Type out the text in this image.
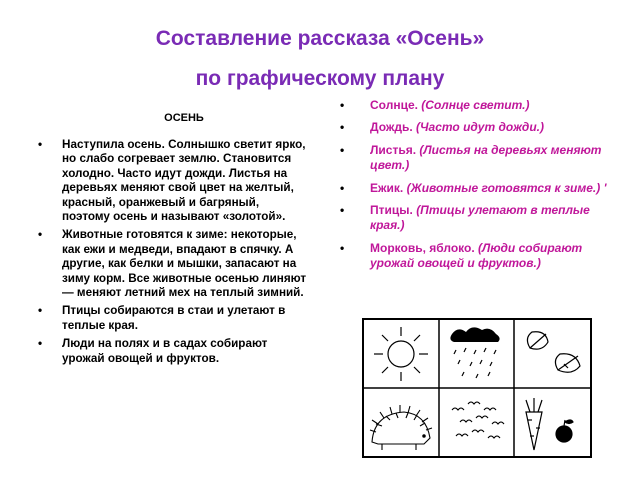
Составление рассказа «Осень»
по графическому плану
ОСЕНЬ
• Наступила осень. Солнышко светит ярко, но слабо согревает землю. Становится холодно. Часто идут дожди. Листья на деревьях меняют свой цвет на желтый, красный, оранжевый и багряный, поэтому осень и называют «золотой».
• Животные готовятся к зиме: некоторые, как ежи и медведи, впадают в спячку. А другие, как белки и мышки, запасают на зиму корм. Все животные осенью линяют — меняют летний мех на теплый зимний.
• Птицы собираются в стаи и улетают в теплые края.
• Люди на полях и в садах собирают урожай овощей и фруктов.
• Солнце. (Солнце светит.)
• Дождь. (Часто идут дожди.)
• Листья. (Листья на деревьях меняют цвет.)
• Ежик. (Животные готовятся к зиме.) '
• Птицы. (Птицы улетают в теплые края.)
• Морковь, яблоко. (Люди собирают урожай овощей и фруктов.)
